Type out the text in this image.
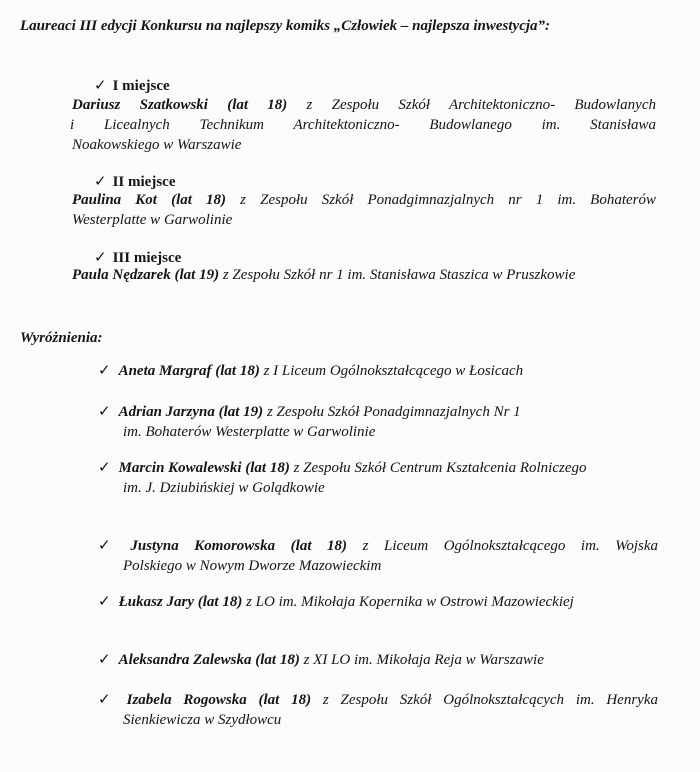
Laureaci III edycji Konkursu na najlepszy komiks „Człowiek – najlepsza inwestycja”:
✓ I miejsce
Dariusz Szatkowski (lat 18) z Zespołu Szkół Architektoniczno- Budowlanych
i Licealnych Technikum Architektoniczno- Budowlanego im. Stanisława
Noakowskiego w Warszawie
✓ II miejsce
Paulina Kot (lat 18) z Zespołu Szkół Ponadgimnazjalnych nr 1 im. Bohaterów
Westerplatte w Garwolinie
✓ III miejsce
Paula Nędzarek (lat 19) z Zespołu Szkół nr 1 im. Stanisława Staszica w Pruszkowie
Wyróżnienia:
✓ Aneta Margraf (lat 18) z I Liceum Ogólnokształcącego w Łosicach
✓ Adrian Jarzyna (lat 19) z Zespołu Szkół Ponadgimnazjalnych Nr 1
im. Bohaterów Westerplatte w Garwolinie
✓ Marcin Kowalewski (lat 18) z Zespołu Szkół Centrum Kształcenia Rolniczego
im. J. Dziubińskiej w Golądkowie
✓ Justyna Komorowska (lat 18) z Liceum Ogólnokształcącego im. Wojska
Polskiego w Nowym Dworze Mazowieckim
✓ Łukasz Jary (lat 18) z LO im. Mikołaja Kopernika w Ostrowi Mazowieckiej
✓ Aleksandra Zalewska (lat 18) z XI LO im. Mikołaja Reja w Warszawie
✓ Izabela Rogowska (lat 18) z Zespołu Szkół Ogólnokształcących im. Henryka
Sienkiewicza w Szydłowcu
